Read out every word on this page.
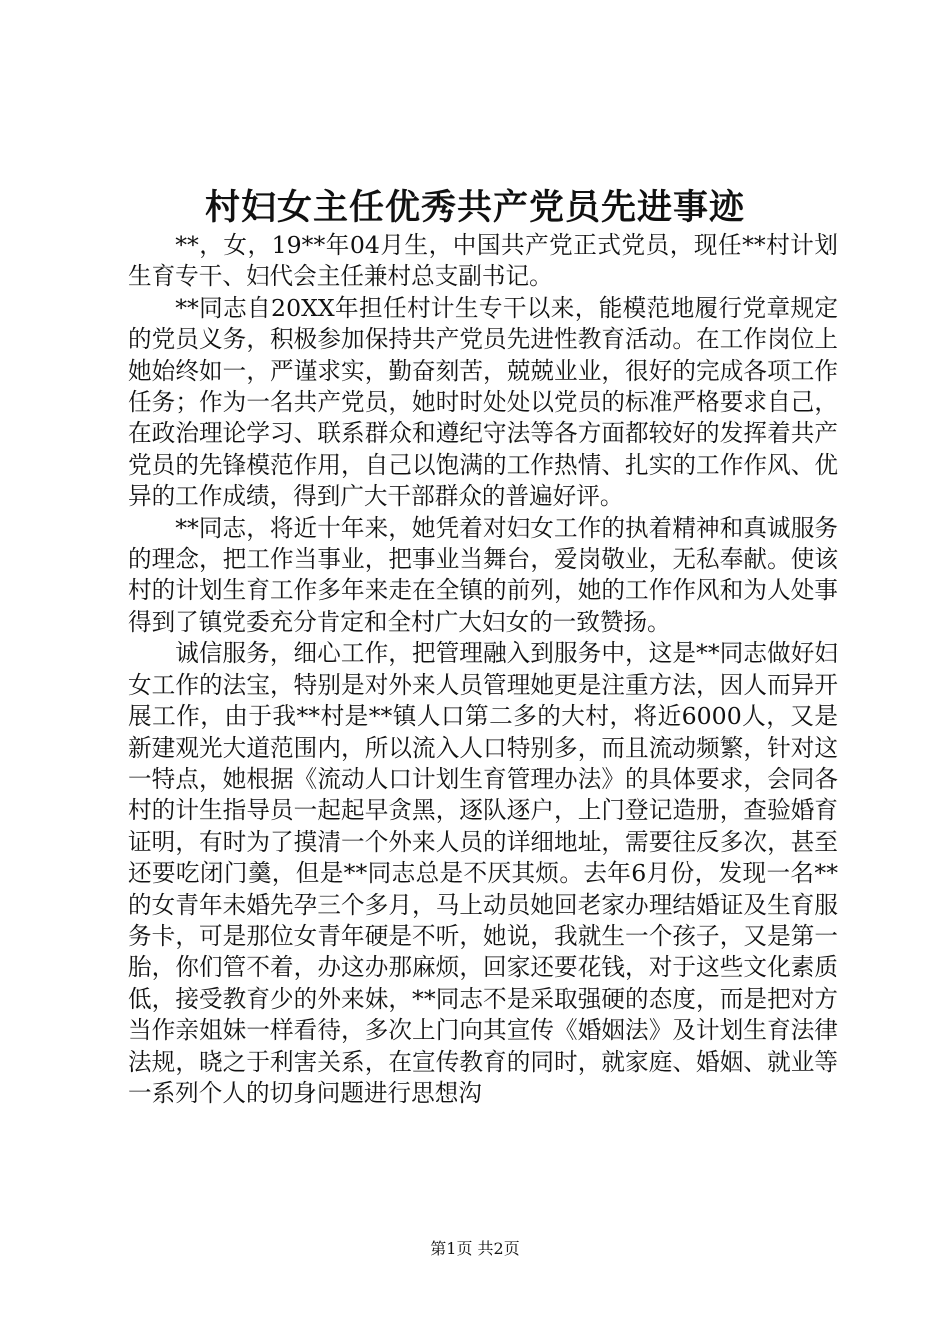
村妇女主任优秀共产党员先进事迹

**，女，19**年04月生，中国共产党正式党员，现任**村计划生育专干、妇代会主任兼村总支副书记。

**同志自20XX年担任村计生专干以来，能模范地履行党章规定的党员义务，积极参加保持共产党员先进性教育活动。在工作岗位上她始终如一，严谨求实，勤奋刻苦，兢兢业业，很好的完成各项工作任务；作为一名共产党员，她时时处处以党员的标准严格要求自己，在政治理论学习、联系群众和遵纪守法等各方面都较好的发挥着共产党员的先锋模范作用，自己以饱满的工作热情、扎实的工作作风、优异的工作成绩，得到广大干部群众的普遍好评。

**同志，将近十年来，她凭着对妇女工作的执着精神和真诚服务的理念，把工作当事业，把事业当舞台，爱岗敬业，无私奉献。使该村的计划生育工作多年来走在全镇的前列，她的工作作风和为人处事得到了镇党委充分肯定和全村广大妇女的一致赞扬。

诚信服务，细心工作，把管理融入到服务中，这是**同志做好妇女工作的法宝，特别是对外来人员管理她更是注重方法，因人而异开展工作，由于我**村是**镇人口第二多的大村，将近6000人，又是新建观光大道范围内，所以流入人口特别多，而且流动频繁，针对这一特点，她根据《流动人口计划生育管理办法》的具体要求，会同各村的计生指导员一起起早贪黑，逐队逐户，上门登记造册，查验婚育证明，有时为了摸清一个外来人员的详细地址，需要往反多次，甚至还要吃闭门羹，但是**同志总是不厌其烦。去年6月份，发现一名**的女青年未婚先孕三个多月，马上动员她回老家办理结婚证及生育服务卡，可是那位女青年硬是不听，她说，我就生一个孩子，又是第一胎，你们管不着，办这办那麻烦，回家还要花钱，对于这些文化素质低，接受教育少的外来妹，**同志不是采取强硬的态度，而是把对方当作亲姐妹一样看待，多次上门向其宣传《婚姻法》及计划生育法律法规，晓之于利害关系，在宣传教育的同时，就家庭、婚姻、就业等一系列个人的切身问题进行思想沟

第1页 共2页
